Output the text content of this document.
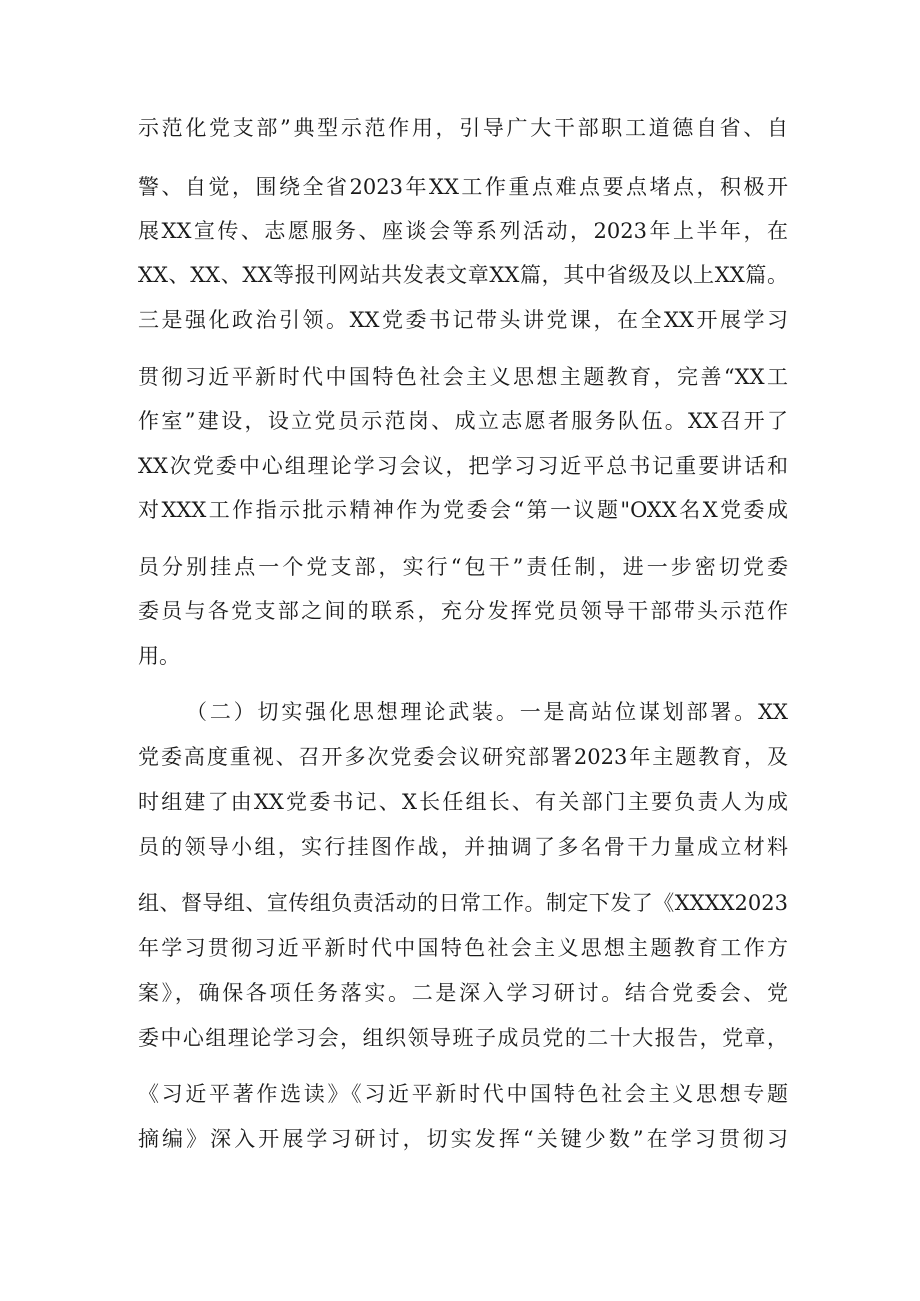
示范化党支部”典型示范作用，引导广大干部职工道德自省、自
警、自觉，围绕全省2023年XX工作重点难点要点堵点，积极开
展XX宣传、志愿服务、座谈会等系列活动，2023年上半年，在
XX、XX、XX等报刊网站共发表文章XX篇，其中省级及以上XX篇。
三是强化政治引领。XX党委书记带头讲党课，在全XX开展学习
贯彻习近平新时代中国特色社会主义思想主题教育，完善“XX工
作室”建设，设立党员示范岗、成立志愿者服务队伍。XX召开了
XX次党委中心组理论学习会议，把学习习近平总书记重要讲话和
对XXX工作指示批示精神作为党委会“第一议题"OXX名X党委成
员分别挂点一个党支部，实行“包干”责任制，进一步密切党委
委员与各党支部之间的联系，充分发挥党员领导干部带头示范作
用。
（二）切实强化思想理论武装。一是高站位谋划部署。XX
党委高度重视、召开多次党委会议研究部署2023年主题教育，及
时组建了由XX党委书记、X长任组长、有关部门主要负责人为成
员的领导小组，实行挂图作战，并抽调了多名骨干力量成立材料
组、督导组、宣传组负责活动的日常工作。制定下发了《XXXX2023
年学习贯彻习近平新时代中国特色社会主义思想主题教育工作方
案》，确保各项任务落实。二是深入学习研讨。结合党委会、党
委中心组理论学习会，组织领导班子成员党的二十大报告，党章，
《习近平著作选读》《习近平新时代中国特色社会主义思想专题
摘编》深入开展学习研讨，切实发挥“关键少数”在学习贯彻习
